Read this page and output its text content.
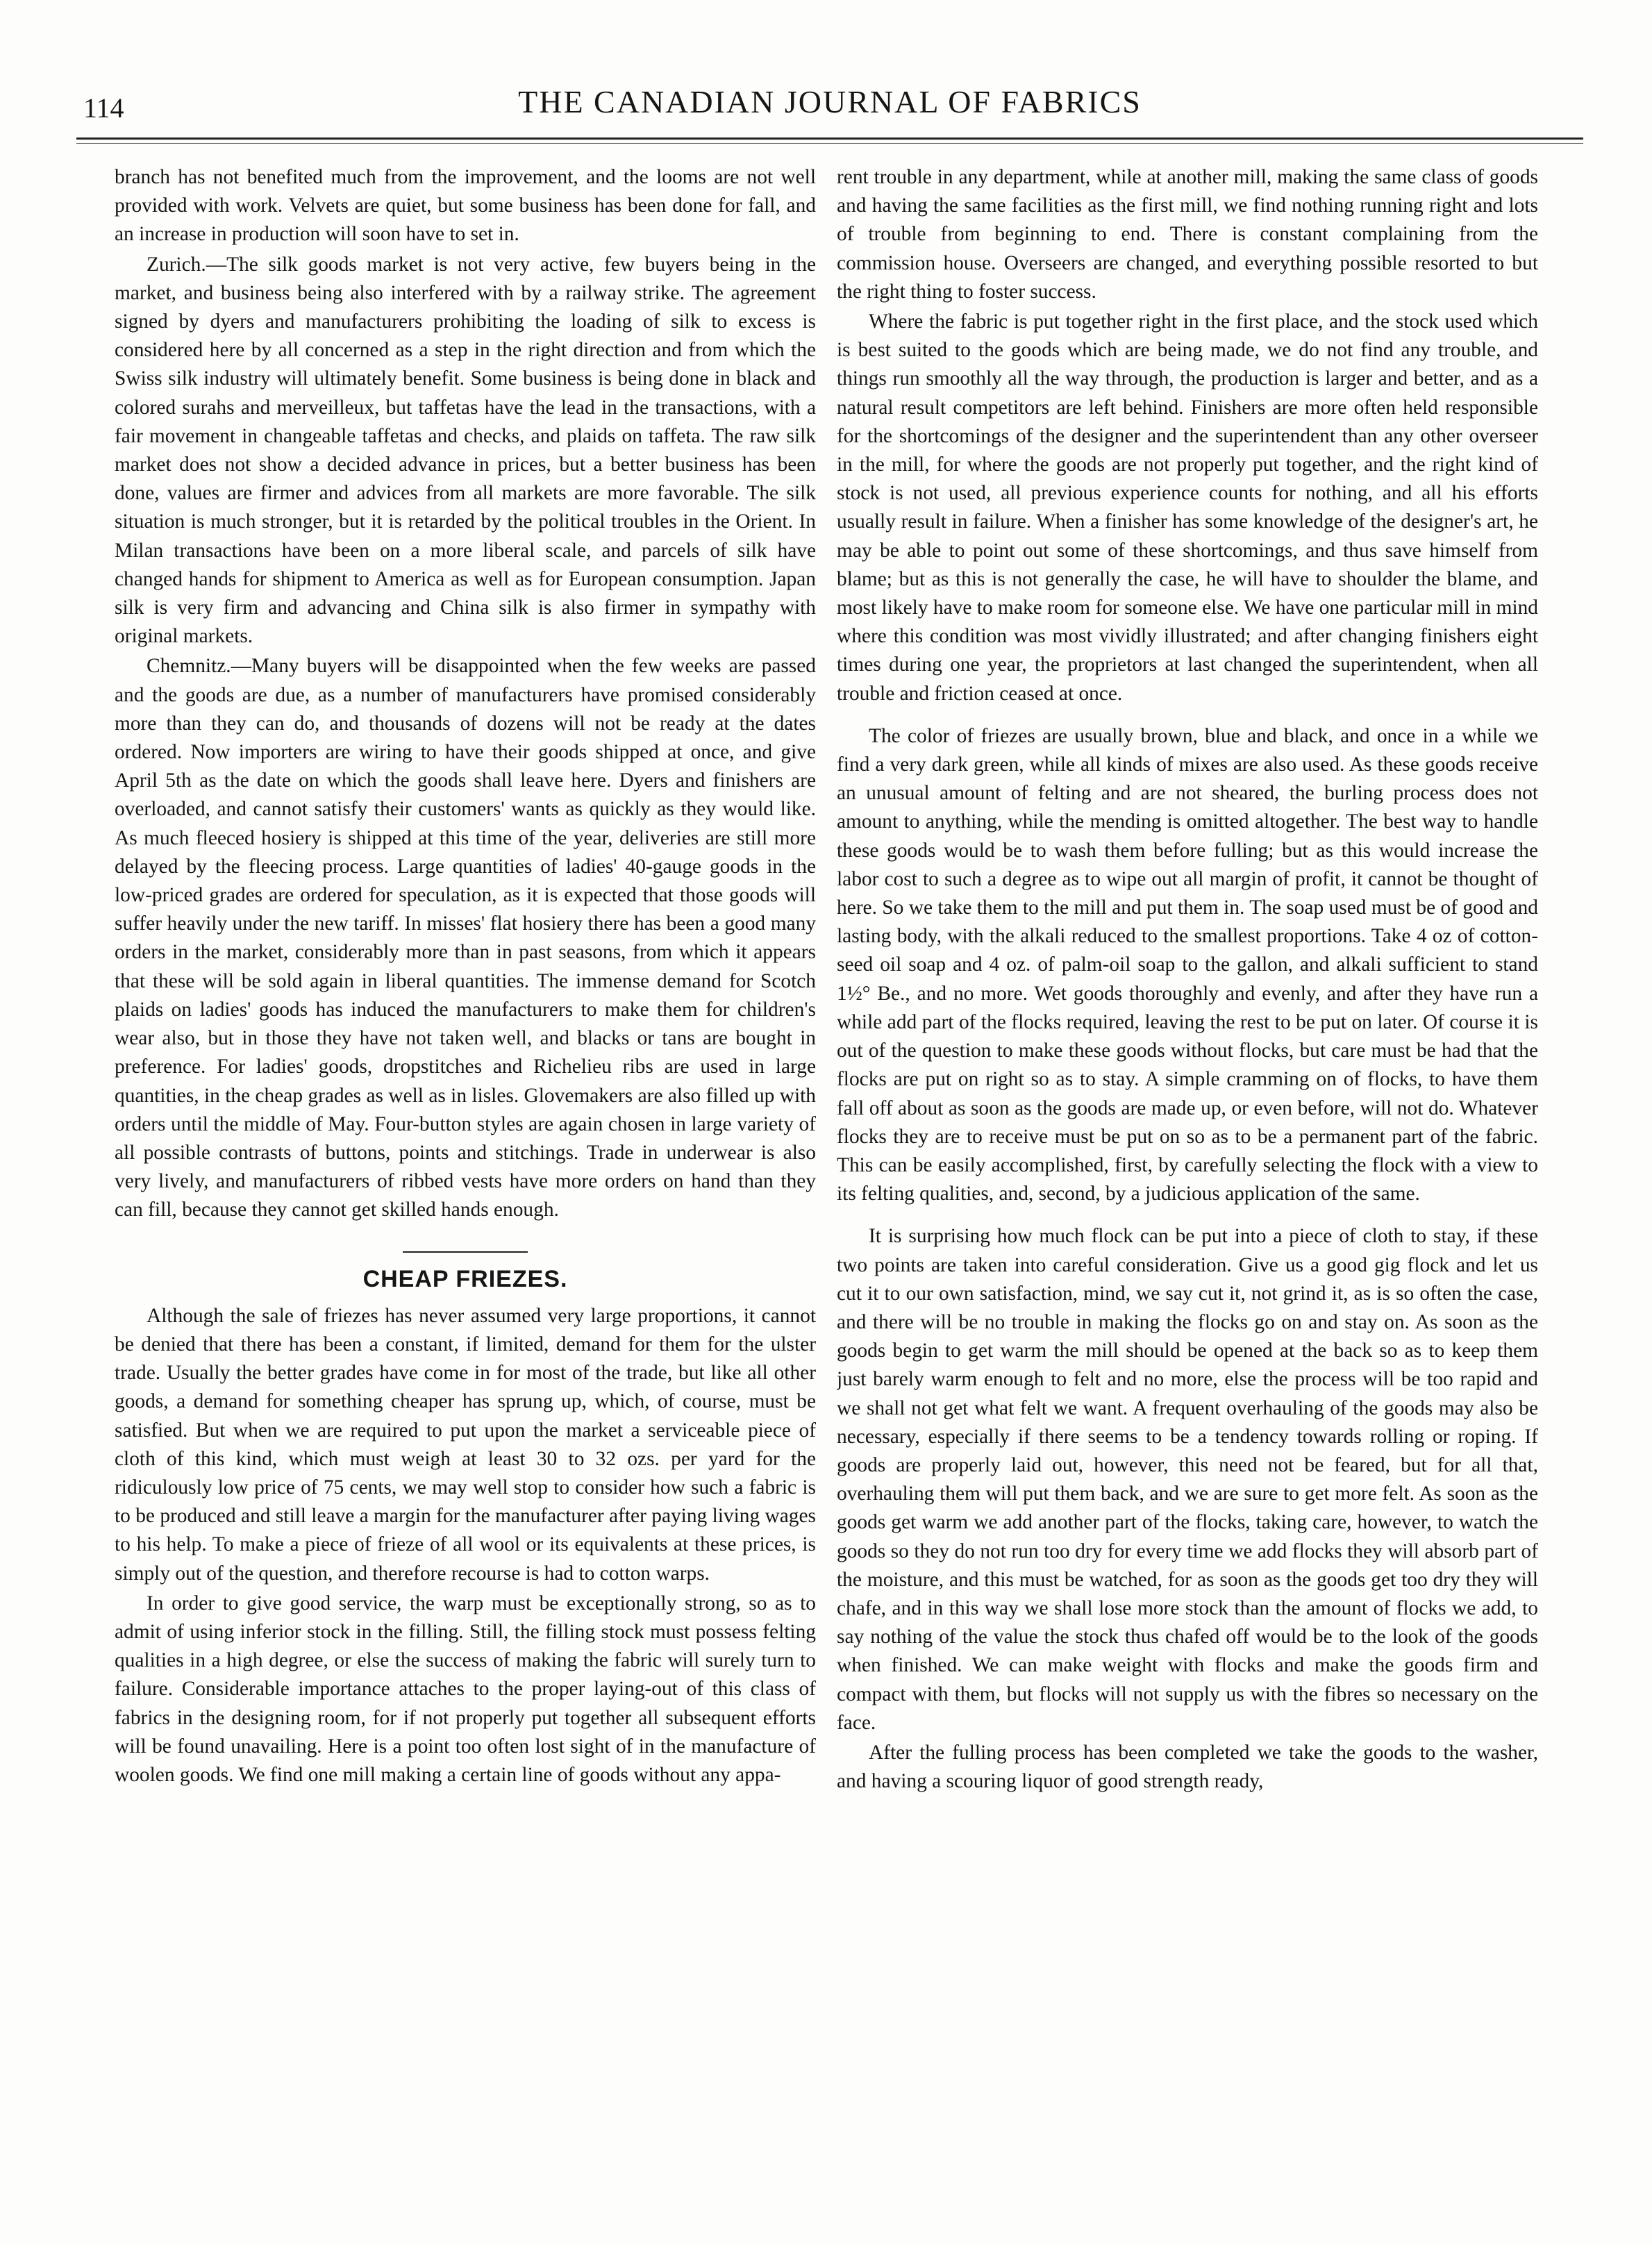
114	THE CANADIAN JOURNAL OF FABRICS

branch has not benefited much from the improvement, and the looms are not well provided with work. Velvets are quiet, but some business has been done for fall, and an increase in production will soon have to set in.

Zurich.—The silk goods market is not very active, few buyers being in the market, and business being also interfered with by a railway strike. The agreement signed by dyers and manufacturers prohibiting the loading of silk to excess is considered here by all concerned as a step in the right direction and from which the Swiss silk industry will ultimately benefit. Some business is being done in black and colored surahs and merveilleux, but taffetas have the lead in the transactions, with a fair movement in changeable taffetas and checks, and plaids on taffeta. The raw silk market does not show a decided advance in prices, but a better business has been done, values are firmer and advices from all markets are more favorable. The silk situation is much stronger, but it is retarded by the political troubles in the Orient. In Milan transactions have been on a more liberal scale, and parcels of silk have changed hands for shipment to America as well as for European consumption. Japan silk is very firm and advancing and China silk is also firmer in sympathy with original markets.

Chemnitz.—Many buyers will be disappointed when the few weeks are passed and the goods are due, as a number of manufacturers have promised considerably more than they can do, and thousands of dozens will not be ready at the dates ordered. Now importers are wiring to have their goods shipped at once, and give April 5th as the date on which the goods shall leave here. Dyers and finishers are overloaded, and cannot satisfy their customers' wants as quickly as they would like. As much fleeced hosiery is shipped at this time of the year, deliveries are still more delayed by the fleecing process. Large quantities of ladies' 40-gauge goods in the low-priced grades are ordered for speculation, as it is expected that those goods will suffer heavily under the new tariff. In misses' flat hosiery there has been a good many orders in the market, considerably more than in past seasons, from which it appears that these will be sold again in liberal quantities. The immense demand for Scotch plaids on ladies' goods has induced the manufacturers to make them for children's wear also, but in those they have not taken well, and blacks or tans are bought in preference. For ladies' goods, dropstitches and Richelieu ribs are used in large quantities, in the cheap grades as well as in lisles. Glovemakers are also filled up with orders until the middle of May. Four-button styles are again chosen in large variety of all possible contrasts of buttons, points and stitchings. Trade in underwear is also very lively, and manufacturers of ribbed vests have more orders on hand than they can fill, because they cannot get skilled hands enough.

CHEAP FRIEZES.

Although the sale of friezes has never assumed very large proportions, it cannot be denied that there has been a constant, if limited, demand for them for the ulster trade. Usually the better grades have come in for most of the trade, but like all other goods, a demand for something cheaper has sprung up, which, of course, must be satisfied. But when we are required to put upon the market a serviceable piece of cloth of this kind, which must weigh at least 30 to 32 ozs. per yard for the ridiculously low price of 75 cents, we may well stop to consider how such a fabric is to be produced and still leave a margin for the manufacturer after paying living wages to his help. To make a piece of frieze of all wool or its equivalents at these prices, is simply out of the question, and therefore recourse is had to cotton warps.

In order to give good service, the warp must be exceptionally strong, so as to admit of using inferior stock in the filling. Still, the filling stock must possess felting qualities in a high degree, or else the success of making the fabric will surely turn to failure. Considerable importance attaches to the proper laying-out of this class of fabrics in the designing room, for if not properly put together all subsequent efforts will be found unavailing. Here is a point too often lost sight of in the manufacture of woolen goods. We find one mill making a certain line of goods without any appa-

rent trouble in any department, while at another mill, making the same class of goods and having the same facilities as the first mill, we find nothing running right and lots of trouble from beginning to end. There is constant complaining from the commission house. Overseers are changed, and everything possible resorted to but the right thing to foster success.

Where the fabric is put together right in the first place, and the stock used which is best suited to the goods which are being made, we do not find any trouble, and things run smoothly all the way through, the production is larger and better, and as a natural result competitors are left behind. Finishers are more often held responsible for the shortcomings of the designer and the superintendent than any other overseer in the mill, for where the goods are not properly put together, and the right kind of stock is not used, all previous experience counts for nothing, and all his efforts usually result in failure. When a finisher has some knowledge of the designer's art, he may be able to point out some of these shortcomings, and thus save himself from blame; but as this is not generally the case, he will have to shoulder the blame, and most likely have to make room for someone else. We have one particular mill in mind where this condition was most vividly illustrated; and after changing finishers eight times during one year, the proprietors at last changed the superintendent, when all trouble and friction ceased at once.

The color of friezes are usually brown, blue and black, and once in a while we find a very dark green, while all kinds of mixes are also used. As these goods receive an unusual amount of felting and are not sheared, the burling process does not amount to anything, while the mending is omitted altogether. The best way to handle these goods would be to wash them before fulling; but as this would increase the labor cost to such a degree as to wipe out all margin of profit, it cannot be thought of here. So we take them to the mill and put them in. The soap used must be of good and lasting body, with the alkali reduced to the smallest proportions. Take 4 oz of cotton-seed oil soap and 4 oz. of palm-oil soap to the gallon, and alkali sufficient to stand 1½° Be., and no more. Wet goods thoroughly and evenly, and after they have run a while add part of the flocks required, leaving the rest to be put on later. Of course it is out of the question to make these goods without flocks, but care must be had that the flocks are put on right so as to stay. A simple cramming on of flocks, to have them fall off about as soon as the goods are made up, or even before, will not do. Whatever flocks they are to receive must be put on so as to be a permanent part of the fabric. This can be easily accomplished, first, by carefully selecting the flock with a view to its felting qualities, and, second, by a judicious application of the same.

It is surprising how much flock can be put into a piece of cloth to stay, if these two points are taken into careful consideration. Give us a good gig flock and let us cut it to our own satisfaction, mind, we say cut it, not grind it, as is so often the case, and there will be no trouble in making the flocks go on and stay on. As soon as the goods begin to get warm the mill should be opened at the back so as to keep them just barely warm enough to felt and no more, else the process will be too rapid and we shall not get what felt we want. A frequent overhauling of the goods may also be necessary, especially if there seems to be a tendency towards rolling or roping. If goods are properly laid out, however, this need not be feared, but for all that, overhauling them will put them back, and we are sure to get more felt. As soon as the goods get warm we add another part of the flocks, taking care, however, to watch the goods so they do not run too dry for every time we add flocks they will absorb part of the moisture, and this must be watched, for as soon as the goods get too dry they will chafe, and in this way we shall lose more stock than the amount of flocks we add, to say nothing of the value the stock thus chafed off would be to the look of the goods when finished. We can make weight with flocks and make the goods firm and compact with them, but flocks will not supply us with the fibres so necessary on the face.

After the fulling process has been completed we take the goods to the washer, and having a scouring liquor of good strength ready,
